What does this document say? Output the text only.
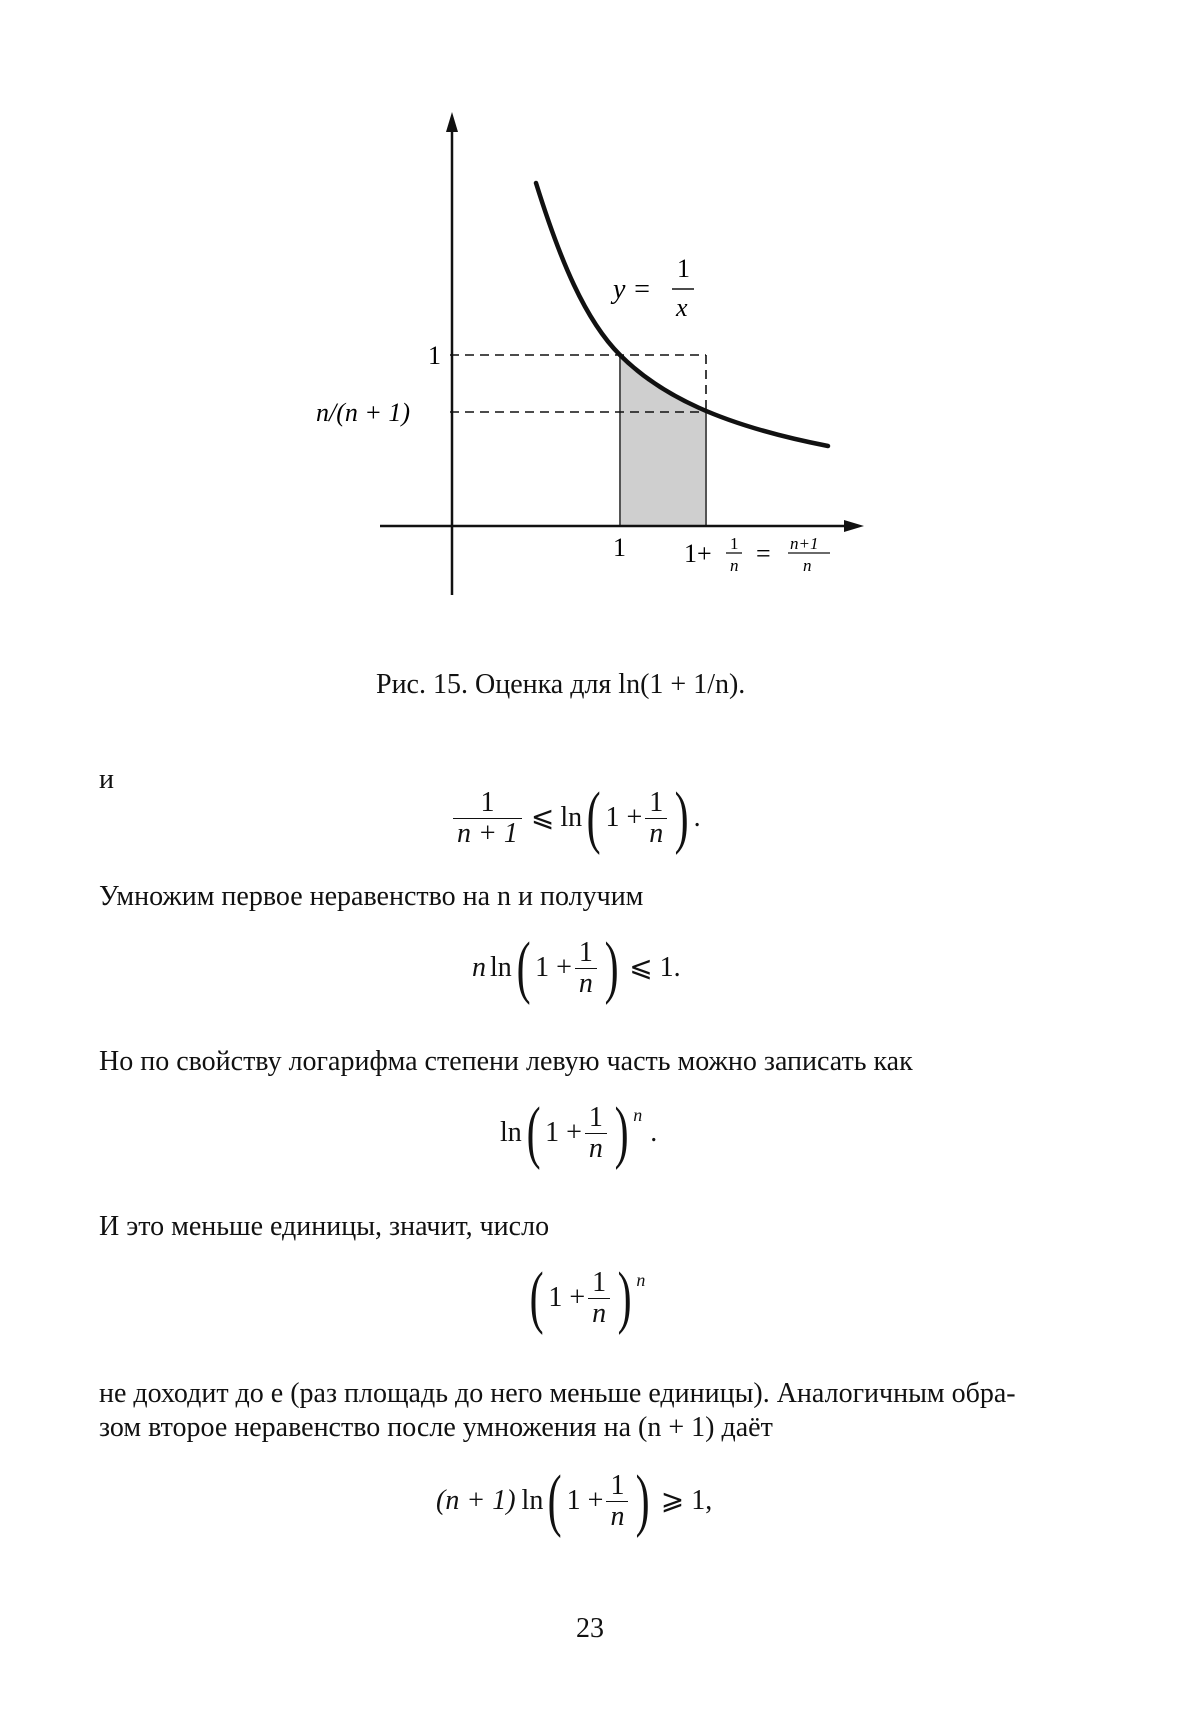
y =
1
x
1
n/(n + 1)
1 1+ 1
n = n+1
n
Рис. 15. Оценка для ln(1 + 1/n).
и
1
n + 1 ⩽ ln ( 1 + 1
n ) .
Умножим первое неравенство на n и получим
n ln ( 1 + 1
n ) ⩽ 1.
Но по свойству логарифма степени левую часть можно записать как
ln ( 1 + 1
n ) n
.
И это меньше единицы, значит, число
( 1 + 1
n ) n
не доходит до e (раз площадь до него меньше единицы). Аналогичным обра-
зом второе неравенство после умножения на (n + 1) даёт
(n + 1) ln ( 1 + 1
n ) ⩾ 1,
23
